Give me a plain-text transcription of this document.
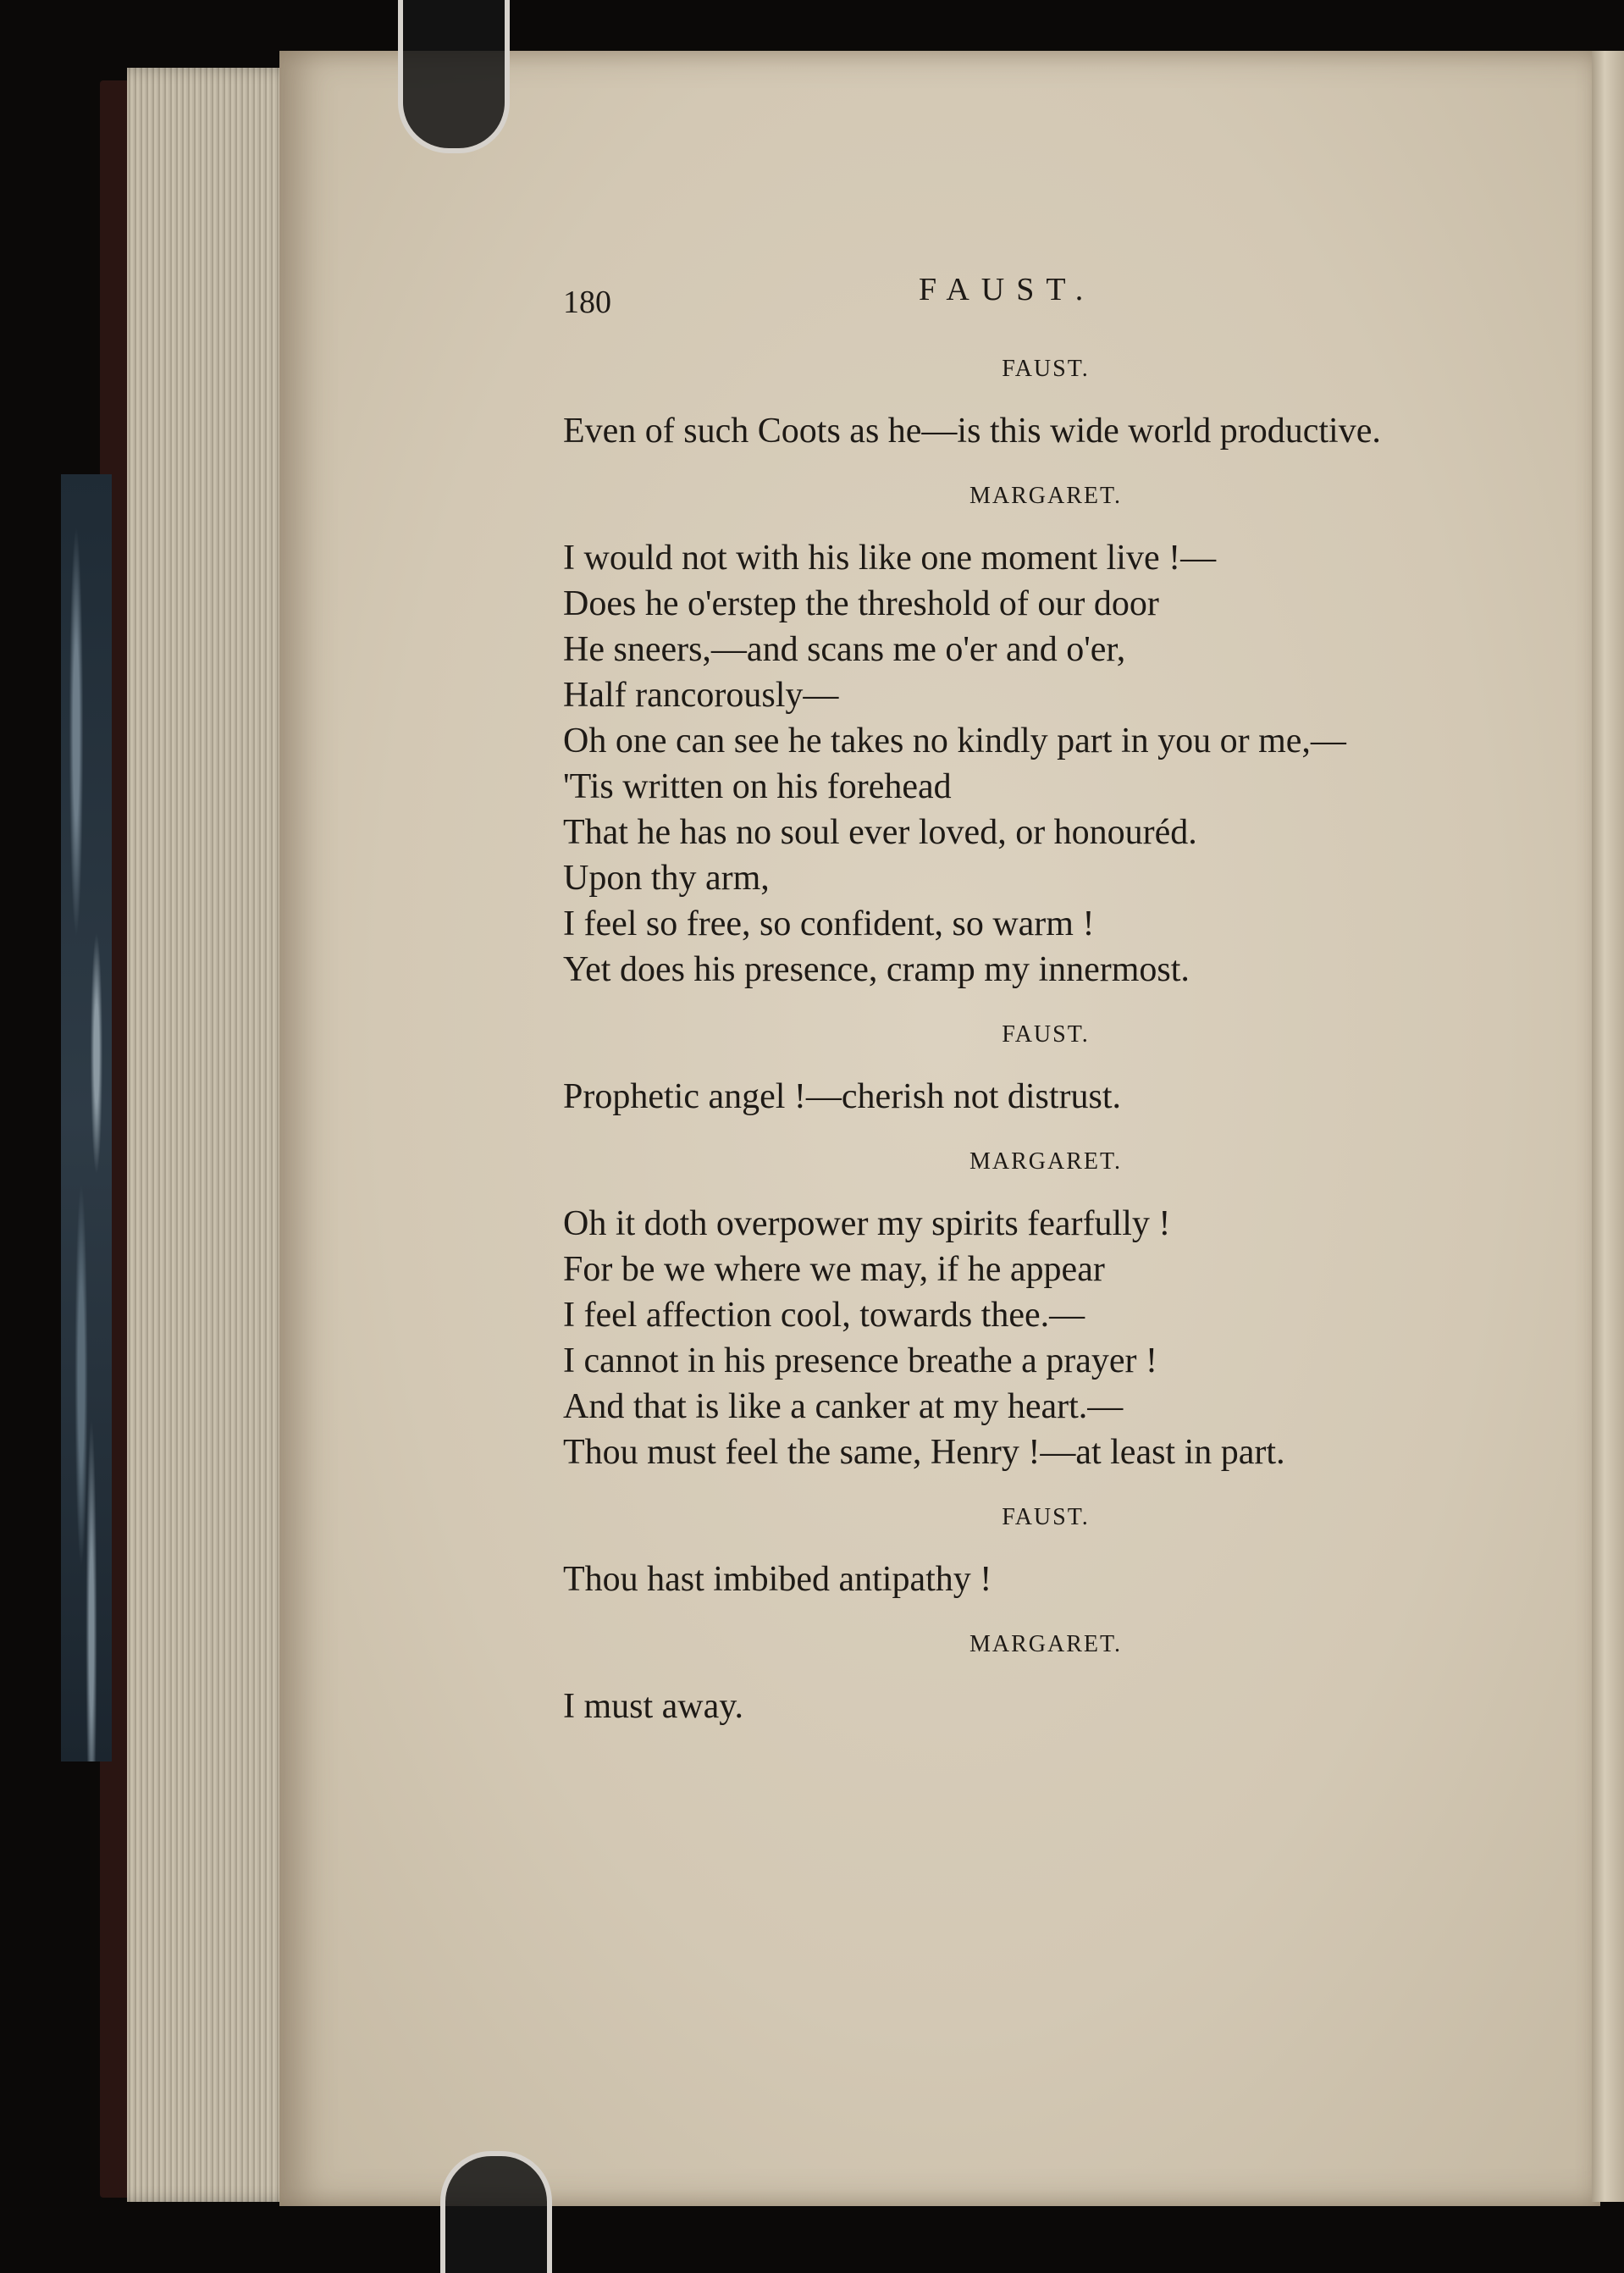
180	FAUST.
FAUST.
Even of such Coots as he—is this wide world productive.
MARGARET.
I would not with his like one moment live !—
Does he o'erstep the threshold of our door
He sneers,—and scans me o'er and o'er,
Half rancorously—
Oh one can see he takes no kindly part in you or me,—
'Tis written on his forehead
That he has no soul ever loved, or honouréd.
Upon thy arm,
I feel so free, so confident, so warm !
Yet does his presence, cramp my innermost.
FAUST.
Prophetic angel !—cherish not distrust.
MARGARET.
Oh it doth overpower my spirits fearfully !
For be we where we may, if he appear
I feel affection cool, towards thee.—
I cannot in his presence breathe a prayer !
And that is like a canker at my heart.—
Thou must feel the same, Henry !—at least in part.
FAUST.
Thou hast imbibed antipathy !
MARGARET.
I must away.
